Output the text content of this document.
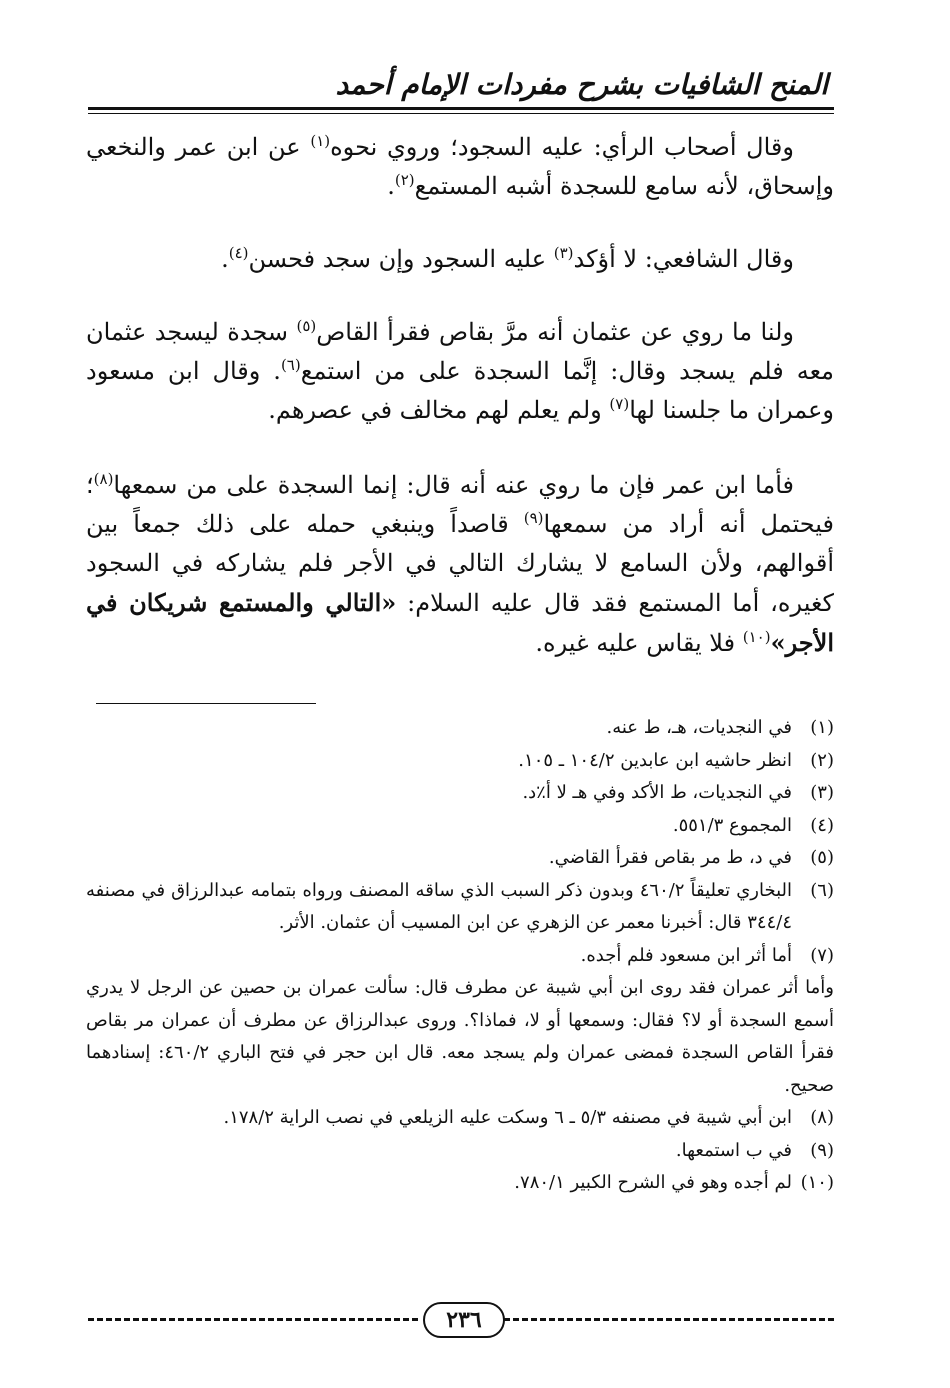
المنح الشافيات بشرح مفردات الإمام أحمد

وقال أصحاب الرأي: عليه السجود؛ وروي نحوه$^{(١)}$ عن ابن عمر والنخعي وإسحاق، لأنه سامع للسجدة أشبه المستمع$^{(٢)}$.

وقال الشافعي: لا أؤكد$^{(٣)}$ عليه السجود وإن سجد فحسن$^{(٤)}$.

ولنا ما روي عن عثمان أنه مرَّ بقاص فقرأ القاص$^{(٥)}$ سجدة ليسجد عثمان معه فلم يسجد وقال: إنَّما السجدة على من استمع$^{(٦)}$. وقال ابن مسعود وعمران ما جلسنا لها$^{(٧)}$ ولم يعلم لهم مخالف في عصرهم.

فأما ابن عمر فإن ما روي عنه أنه قال: إنما السجدة على من سمعها$^{(٨)}$؛ فيحتمل أنه أراد من سمعها$^{(٩)}$ قاصداً وينبغي حمله على ذلك جمعاً بين أقوالهم، ولأن السامع لا يشارك التالي في الأجر فلم يشاركه في السجود كغيره، أما المستمع فقد قال عليه السلام: «التالي والمستمع شريكان في الأجر»$^{(١٠)}$ فلا يقاس عليه غيره.

(١)
في النجديات، هـ، ط عنه.
(٢)
انظر حاشيه ابن عابدين ١٠٤/٢ ـ ١٠٥.
(٣)
في النجديات، ط الأكد وفي هـ لا أ٪د.
(٤)
المجموع ٥٥١/٣.
(٥)
في د، ط مر بقاص فقرأ القاضي.
(٦)
البخاري تعليقاً ٤٦٠/٢ وبدون ذكر السبب الذي ساقه المصنف ورواه بتمامه عبدالرزاق في مصنفه ٣٤٤/٤ قال: أخبرنا معمر عن الزهري عن ابن المسيب أن عثمان. الأثر.
(٧)
أما أثر ابن مسعود فلم أجده.
وأما أثر عمران فقد روى ابن أبي شيبة عن مطرف قال: سألت عمران بن حصين عن الرجل لا يدري أسمع السجدة أو لا؟ فقال: وسمعها أو لا، فماذا؟. وروى عبدالرزاق عن مطرف أن عمران مر بقاص فقرأ القاص السجدة فمضى عمران ولم يسجد معه. قال ابن حجر في فتح الباري ٤٦٠/٢: إسنادهما صحيح.
(٨)
ابن أبي شيبة في مصنفه ٥/٣ ـ ٦ وسكت عليه الزيلعي في نصب الراية ١٧٨/٢.
(٩)
في ب استمعها.
(١٠)
لم أجده وهو في الشرح الكبير ٧٨٠/١.
٢٣٦
